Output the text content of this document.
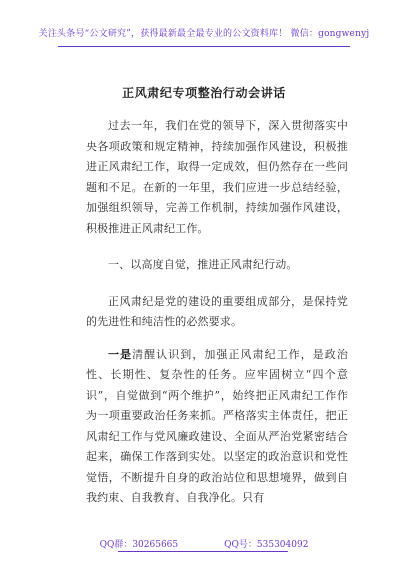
关注头条号“公文研究”，获得最新最全最专业的公文资料库！ 微信：gongwenyj
正风肃纪专项整治行动会讲话

过去一年，我们在党的领导下，深入贯彻落实中央各项政策和规定精神，持续加强作风建设，积极推进正风肃纪工作，取得一定成效，但仍然存在一些问题和不足。在新的一年里，我们应进一步总结经验，加强组织领导，完善工作机制，持续加强作风建设，积极推进正风肃纪工作。

一、以高度自觉，推进正风肃纪行动。

正风肃纪是党的建设的重要组成部分，是保持党的先进性和纯洁性的必然要求。

一是清醒认识到，加强正风肃纪工作，是政治性、长期性、复杂性的任务。应牢固树立“四个意识”，自觉做到“两个维护”，始终把正风肃纪工作作为一项重要政治任务来抓。严格落实主体责任，把正风肃纪工作与党风廉政建设、全面从严治党紧密结合起来，确保工作落到实处。以坚定的政治意识和党性觉悟，不断提升自身的政治站位和思想境界，做到自我约束、自我教育、自我净化。只有

QQ群：30265665	QQ号：535304092
